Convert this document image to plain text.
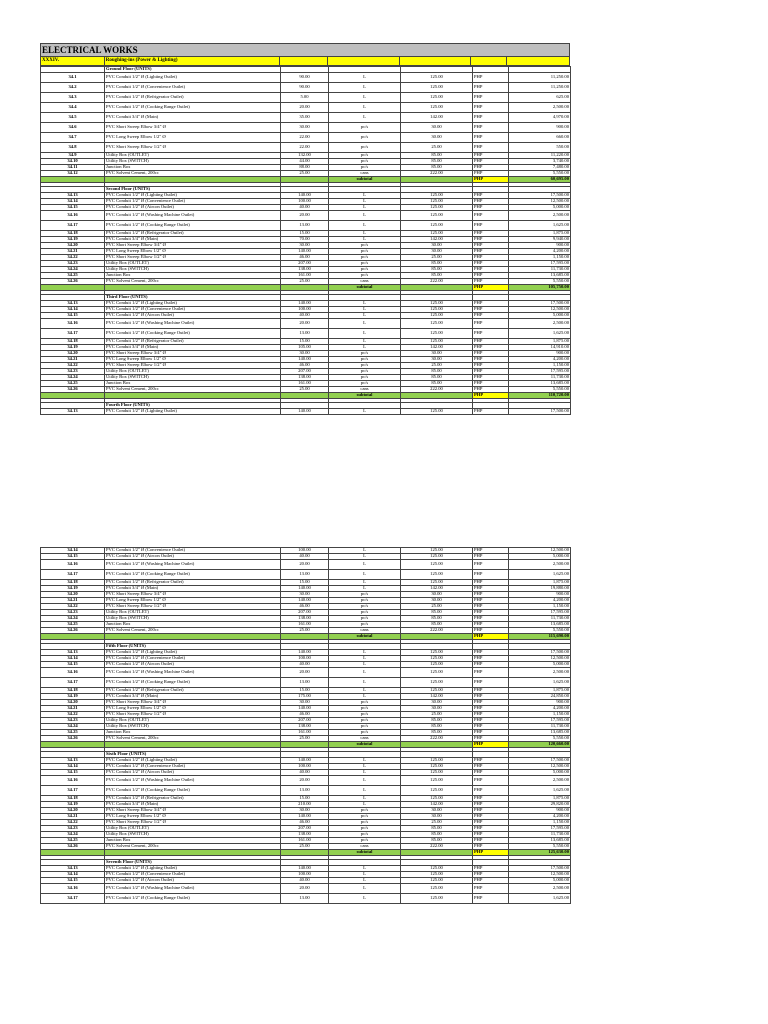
ELECTRICAL WORKS
XXXIV.	Roughing-ins (Power & Lighting)
	Ground Floor (UNITS)					
34.1	PVC Conduit 1/2" Ø (Lighting Outlet)	90.00	L	125.00	PHP	11,250.00
34.2	PVC Conduit 1/2" Ø (Convenience Outlet)	90.00	L	125.00	PHP	11,250.00
34.3	PVC Conduit 1/2" Ø (Refrigerator Outlet)	5.00	L	125.00	PHP	625.00
34.4	PVC Conduit 1/2" Ø (Cooking Range Outlet)	20.00	L	125.00	PHP	2,500.00
34.5	PVC Conduit 3/4" Ø (Main)	35.00	L	142.00	PHP	4,970.00
34.6	PVC Short Sweep Elbow 3/4" Ø	30.00	pc/s	30.00	PHP	900.00
34.7	PVC Long Sweep Elbow 1/2" Ø	22.00	pc/s	30.00	PHP	660.00
34.8	PVC Short Sweep Elbow 1/2" Ø	22.00	pc/s	25.00	PHP	550.00
34.9	Utility Box (OUTLET)	132.00	pc/s	85.00	PHP	11,220.00
34.10	Utility Box (SWITCH)	44.00	pc/s	85.00	PHP	3,740.00
34.11	Junction Box	88.00	pc/s	85.00	PHP	7,480.00
34.12	PVC Solvent Cement, 200cc	25.00	cans	222.00	PHP	5,550.00
			subtotal		PHP	60,695.00

	Second Floor (UNITS)					
34.13	PVC Conduit 1/2" Ø (Lighting Outlet)	140.00	L	125.00	PHP	17,500.00
34.14	PVC Conduit 1/2" Ø (Convenience Outlet)	100.00	L	125.00	PHP	12,500.00
34.15	PVC Conduit 1/2" Ø (Aircon Outlet)	40.00	L	125.00	PHP	5,000.00
34.16	PVC Conduit 1/2" Ø (Washing Machine Outlet)	20.00	L	125.00	PHP	2,500.00
34.17	PVC Conduit 1/2" Ø (Cooking Range Outlet)	13.00	L	125.00	PHP	1,625.00
34.18	PVC Conduit 1/2" Ø (Refrigerator Outlet)	15.00	L	125.00	PHP	1,875.00
34.19	PVC Conduit 3/4" Ø (Main)	70.00	L	142.00	PHP	9,940.00
34.20	PVC Short Sweep Elbow 3/4" Ø	30.00	pc/s	30.00	PHP	900.00
34.21	PVC Long Sweep Elbow 1/2" Ø	140.00	pc/s	30.00	PHP	4,200.00
34.22	PVC Short Sweep Elbow 1/2" Ø	46.00	pc/s	25.00	PHP	1,150.00
34.23	Utility Box (OUTLET)	207.00	pc/s	85.00	PHP	17,595.00
34.24	Utility Box (SWITCH)	138.00	pc/s	85.00	PHP	11,730.00
34.25	Junction Box	161.00	pc/s	85.00	PHP	13,685.00
34.26	PVC Solvent Cement, 200cc	25.00	cans	222.00	PHP	5,550.00
			subtotal		PHP	105,750.00

	Third Floor (UNITS)					
34.13	PVC Conduit 1/2" Ø (Lighting Outlet)	140.00	L	125.00	PHP	17,500.00
34.14	PVC Conduit 1/2" Ø (Convenience Outlet)	100.00	L	125.00	PHP	12,500.00
34.15	PVC Conduit 1/2" Ø (Aircon Outlet)	40.00	L	125.00	PHP	5,000.00
34.16	PVC Conduit 1/2" Ø (Washing Machine Outlet)	20.00	L	125.00	PHP	2,500.00
34.17	PVC Conduit 1/2" Ø (Cooking Range Outlet)	13.00	L	125.00	PHP	1,625.00
34.18	PVC Conduit 1/2" Ø (Refrigerator Outlet)	15.00	L	125.00	PHP	1,875.00
34.19	PVC Conduit 3/4" Ø (Main)	105.00	L	142.00	PHP	14,910.00
34.20	PVC Short Sweep Elbow 3/4" Ø	30.00	pc/s	30.00	PHP	900.00
34.21	PVC Long Sweep Elbow 1/2" Ø	140.00	pc/s	30.00	PHP	4,200.00
34.22	PVC Short Sweep Elbow 1/2" Ø	46.00	pc/s	25.00	PHP	1,150.00
34.23	Utility Box (OUTLET)	207.00	pc/s	85.00	PHP	17,595.00
34.24	Utility Box (SWITCH)	138.00	pc/s	85.00	PHP	11,730.00
34.25	Junction Box	161.00	pc/s	85.00	PHP	13,685.00
34.26	PVC Solvent Cement, 200cc	25.00	cans	222.00	PHP	5,550.00
			subtotal		PHP	110,720.00

	Fourth Floor (UNITS)					
34.13	PVC Conduit 1/2" Ø (Lighting Outlet)	140.00	L	125.00	PHP	17,500.00
34.14	PVC Conduit 1/2" Ø (Convenience Outlet)	100.00	L	125.00	PHP	12,500.00
34.15	PVC Conduit 1/2" Ø (Aircon Outlet)	40.00	L	125.00	PHP	5,000.00
34.16	PVC Conduit 1/2" Ø (Washing Machine Outlet)	20.00	L	125.00	PHP	2,500.00
34.17	PVC Conduit 1/2" Ø (Cooking Range Outlet)	13.00	L	125.00	PHP	1,625.00
34.18	PVC Conduit 1/2" Ø (Refrigerator Outlet)	15.00	L	125.00	PHP	1,875.00
34.19	PVC Conduit 3/4" Ø (Main)	140.00	L	142.00	PHP	19,880.00
34.20	PVC Short Sweep Elbow 3/4" Ø	30.00	pc/s	30.00	PHP	900.00
34.21	PVC Long Sweep Elbow 1/2" Ø	140.00	pc/s	30.00	PHP	4,200.00
34.22	PVC Short Sweep Elbow 1/2" Ø	46.00	pc/s	25.00	PHP	1,150.00
34.23	Utility Box (OUTLET)	207.00	pc/s	85.00	PHP	17,595.00
34.24	Utility Box (SWITCH)	138.00	pc/s	85.00	PHP	11,730.00
34.25	Junction Box	161.00	pc/s	85.00	PHP	13,685.00
34.26	PVC Solvent Cement, 200cc	25.00	cans	222.00	PHP	5,550.00
			subtotal		PHP	115,690.00

	Fifth Floor (UNITS)					
34.13	PVC Conduit 1/2" Ø (Lighting Outlet)	140.00	L	125.00	PHP	17,500.00
34.14	PVC Conduit 1/2" Ø (Convenience Outlet)	100.00	L	125.00	PHP	12,500.00
34.15	PVC Conduit 1/2" Ø (Aircon Outlet)	40.00	L	125.00	PHP	5,000.00
34.16	PVC Conduit 1/2" Ø (Washing Machine Outlet)	20.00	L	125.00	PHP	2,500.00
34.17	PVC Conduit 1/2" Ø (Cooking Range Outlet)	13.00	L	125.00	PHP	1,625.00
34.18	PVC Conduit 1/2" Ø (Refrigerator Outlet)	15.00	L	125.00	PHP	1,875.00
34.19	PVC Conduit 3/4" Ø (Main)	175.00	L	142.00	PHP	24,850.00
34.20	PVC Short Sweep Elbow 3/4" Ø	30.00	pc/s	30.00	PHP	900.00
34.21	PVC Long Sweep Elbow 1/2" Ø	140.00	pc/s	30.00	PHP	4,200.00
34.22	PVC Short Sweep Elbow 1/2" Ø	46.00	pc/s	25.00	PHP	1,150.00
34.23	Utility Box (OUTLET)	207.00	pc/s	85.00	PHP	17,595.00
34.24	Utility Box (SWITCH)	138.00	pc/s	85.00	PHP	11,730.00
34.25	Junction Box	161.00	pc/s	85.00	PHP	13,685.00
34.26	PVC Solvent Cement, 200cc	25.00	cans	222.00	PHP	5,550.00
			subtotal		PHP	120,660.00

	Sixth Floor (UNITS)					
34.13	PVC Conduit 1/2" Ø (Lighting Outlet)	140.00	L	125.00	PHP	17,500.00
34.14	PVC Conduit 1/2" Ø (Convenience Outlet)	100.00	L	125.00	PHP	12,500.00
34.15	PVC Conduit 1/2" Ø (Aircon Outlet)	40.00	L	125.00	PHP	5,000.00
34.16	PVC Conduit 1/2" Ø (Washing Machine Outlet)	20.00	L	125.00	PHP	2,500.00
34.17	PVC Conduit 1/2" Ø (Cooking Range Outlet)	13.00	L	125.00	PHP	1,625.00
34.18	PVC Conduit 1/2" Ø (Refrigerator Outlet)	15.00	L	125.00	PHP	1,875.00
34.19	PVC Conduit 3/4" Ø (Main)	210.00	L	142.00	PHP	29,820.00
34.20	PVC Short Sweep Elbow 3/4" Ø	30.00	pc/s	30.00	PHP	900.00
34.21	PVC Long Sweep Elbow 1/2" Ø	140.00	pc/s	30.00	PHP	4,200.00
34.22	PVC Short Sweep Elbow 1/2" Ø	46.00	pc/s	25.00	PHP	1,150.00
34.23	Utility Box (OUTLET)	207.00	pc/s	85.00	PHP	17,595.00
34.24	Utility Box (SWITCH)	138.00	pc/s	85.00	PHP	11,730.00
34.25	Junction Box	161.00	pc/s	85.00	PHP	13,685.00
34.26	PVC Solvent Cement, 200cc	25.00	cans	222.00	PHP	5,550.00
			subtotal		PHP	125,630.00

	Seventh Floor (UNITS)					
34.13	PVC Conduit 1/2" Ø (Lighting Outlet)	140.00	L	125.00	PHP	17,500.00
34.14	PVC Conduit 1/2" Ø (Convenience Outlet)	100.00	L	125.00	PHP	12,500.00
34.15	PVC Conduit 1/2" Ø (Aircon Outlet)	40.00	L	125.00	PHP	5,000.00
34.16	PVC Conduit 1/2" Ø (Washing Machine Outlet)	20.00	L	125.00	PHP	2,500.00
34.17	PVC Conduit 1/2" Ø (Cooking Range Outlet)	13.00	L	125.00	PHP	1,625.00
